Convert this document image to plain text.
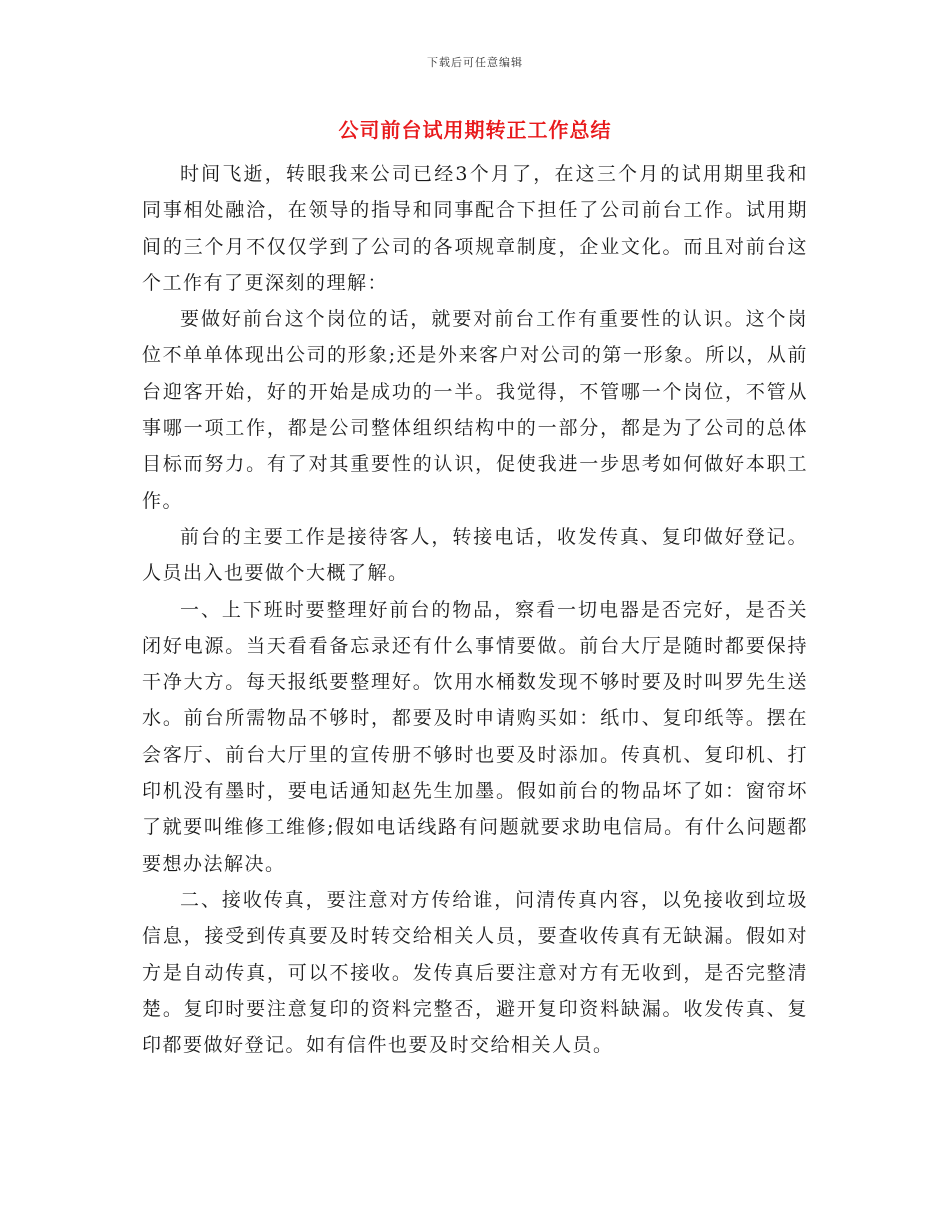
下载后可任意编辑
公司前台试用期转正工作总结

时间飞逝，转眼我来公司已经3个月了，在这三个月的试用期里我和同事相处融洽，在领导的指导和同事配合下担任了公司前台工作。试用期间的三个月不仅仅学到了公司的各项规章制度，企业文化。而且对前台这个工作有了更深刻的理解：

要做好前台这个岗位的话，就要对前台工作有重要性的认识。这个岗位不单单体现出公司的形象;还是外来客户对公司的第一形象。所以，从前台迎客开始，好的开始是成功的一半。我觉得，不管哪一个岗位，不管从事哪一项工作，都是公司整体组织结构中的一部分，都是为了公司的总体目标而努力。有了对其重要性的认识，促使我进一步思考如何做好本职工作。

前台的主要工作是接待客人，转接电话，收发传真、复印做好登记。人员出入也要做个大概了解。

一、上下班时要整理好前台的物品，察看一切电器是否完好，是否关闭好电源。当天看看备忘录还有什么事情要做。前台大厅是随时都要保持干净大方。每天报纸要整理好。饮用水桶数发现不够时要及时叫罗先生送水。前台所需物品不够时，都要及时申请购买如：纸巾、复印纸等。摆在会客厅、前台大厅里的宣传册不够时也要及时添加。传真机、复印机、打印机没有墨时，要电话通知赵先生加墨。假如前台的物品坏了如：窗帘坏了就要叫维修工维修;假如电话线路有问题就要求助电信局。有什么问题都要想办法解决。

二、接收传真，要注意对方传给谁，问清传真内容，以免接收到垃圾信息，接受到传真要及时转交给相关人员，要查收传真有无缺漏。假如对方是自动传真，可以不接收。发传真后要注意对方有无收到，是否完整清楚。复印时要注意复印的资料完整否，避开复印资料缺漏。收发传真、复印都要做好登记。如有信件也要及时交给相关人员。
